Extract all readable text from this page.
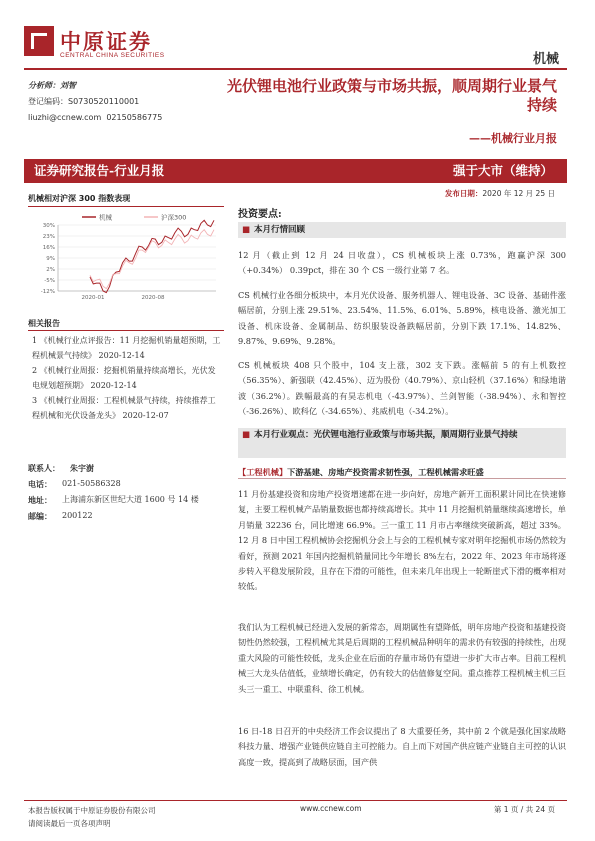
中原证券
CENTRAL CHINA SECURITIES	机械
分析师：刘智
登记编码：S0730520110001
liuzhi@ccnew.com 02150586775
光伏锂电池行业政策与市场共振，顺周期行业景气持续
——机械行业月报
证券研究报告-行业月报	强于大市（维持）
发布日期：2020 年 12 月 25 日
机械相对沪深 300 指数表现
机械	沪深300
30%
23%
16%
9%
2%
-5%
-12%
2020-01	2020-08
相关报告
1 《机械行业点评报告：11 月挖掘机销量超预期，工程机械景气持续》 2020-12-14
2 《机械行业周报：挖掘机销量持续高增长，光伏发电规划超预期》 2020-12-14
3 《机械行业周报：工程机械景气持续，持续推荐工程机械和光伏设备龙头》 2020-12-07
联系人：	朱宇澍
电话：	021-50586328
地址：	上海浦东新区世纪大道 1600 号 14 楼
邮编：	200122
投资要点:
■ 本月行情回顾
12 月（截止到 12 月 24 日收盘），CS 机械板块上涨 0.73%，跑赢沪深 300（+0.34%） 0.39pct，排在 30 个 CS 一级行业第 7 名。
CS 机械行业各细分板块中，本月光伏设备、服务机器人、锂电设备、3C 设备、基础件涨幅居前，分别上涨 29.51%、23.54%、11.5%、6.01%、5.89%，核电设备、激光加工设备、机床设备、金属制品、纺织服装设备跌幅居前，分别下跌 17.1%、14.82%、9.87%、9.69%、9.28%。
CS 机械板块 408 只个股中，104 支上涨，302 支下跌。涨幅前 5 的有上机数控（56.35%）、新强联（42.45%）、迈为股份（40.79%）、京山轻机（37.16%）和绿地谐波（36.2%）。跌幅最高的有昊志机电（-43.97%）、兰剑智能（-38.94%）、永和智控（-36.26%）、欧科亿（-34.65%）、兆威机电（-34.2%）。
■ 本月行业观点：光伏锂电池行业政策与市场共振，顺周期行业景气持续
【工程机械】下游基建、房地产投资需求韧性强，工程机械需求旺盛
11 月份基建投资和房地产投资增速都在进一步向好，房地产新开工面积累计同比在快速修复，主要工程机械产品销量数据也都持续高增长。其中 11 月挖掘机销量继续高速增长，单月销量 32236 台，同比增速 66.9%。三一重工 11 月市占率继续突破新高，超过 33%。12 月 8 日中国工程机械协会挖掘机分会上与会的工程机械专家对明年挖掘机市场仍然较为看好，预测 2021 年国内挖掘机销量同比今年增长 8%左右，2022 年、2023 年市场将逐步转入平稳发展阶段，且存在下滑的可能性，但未来几年出现上一轮断崖式下滑的概率相对较低。
我们认为工程机械已经进入发展的新常态，周期属性有望降低，明年房地产投资和基建投资韧性仍然较强，工程机械尤其是后周期的工程机械品种明年的需求仍有较强的持续性，出现重大风险的可能性较低，龙头企业在后面的存量市场仍有望进一步扩大市占率。目前工程机械三大龙头估值低，业绩增长确定，仍有较大的估值修复空间。重点推荐工程机械主机三巨头三一重工、中联重科、徐工机械。
16 日-18 日召开的中央经济工作会议提出了 8 大重要任务，其中前 2 个就是强化国家战略科技力量、增强产业链供应链自主可控能力。自上而下对国产供应链产业链自主可控的认识高度一致，提高到了战略层面，国产供
本报告版权属于中原证券股份有限公司
请阅读最后一页各项声明
www.ccnew.com	第 1 页 / 共 24 页
